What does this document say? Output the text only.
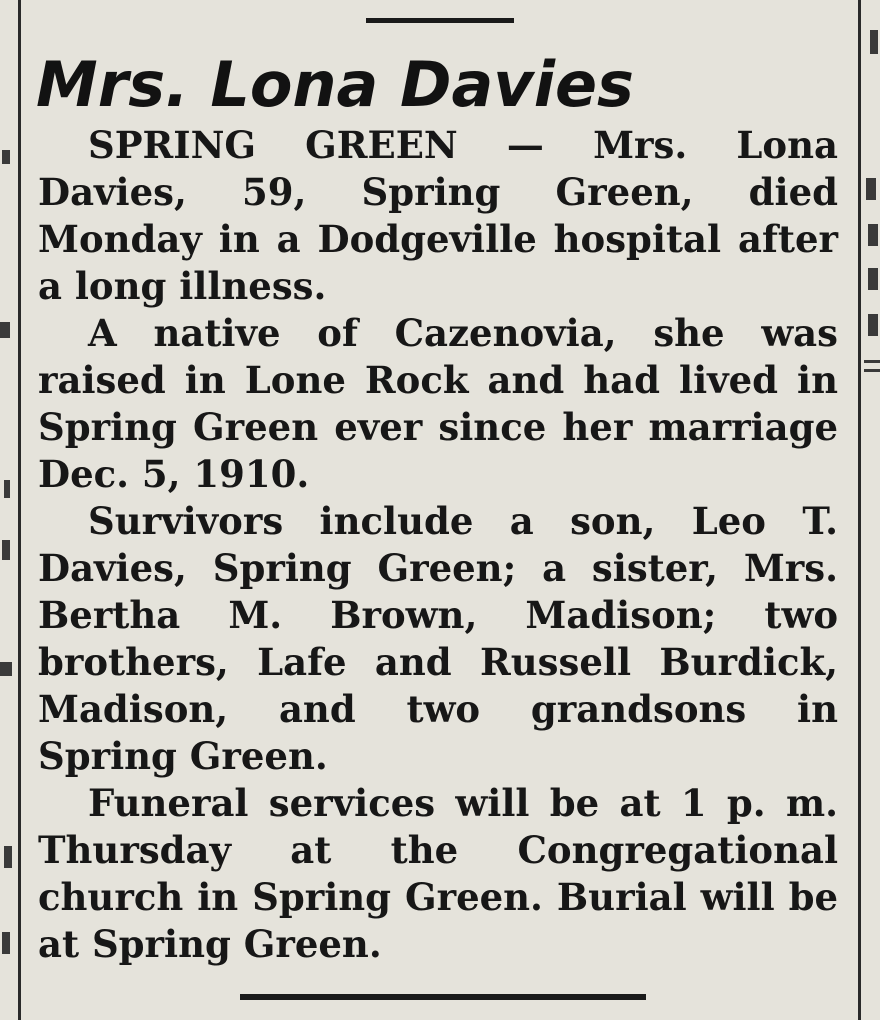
Mrs. Lona Davies

SPRING GREEN — Mrs. Lona Davies, 59, Spring Green, died Monday in a Dodgeville hospital after a long illness.

A native of Cazenovia, she was raised in Lone Rock and had lived in Spring Green ever since her marriage Dec. 5, 1910.

Survivors include a son, Leo T. Davies, Spring Green; a sister, Mrs. Bertha M. Brown, Madison; two brothers, Lafe and Russell Burdick, Madison, and two grandsons in Spring Green.

Funeral services will be at 1 p. m. Thursday at the Congregational church in Spring Green. Burial will be at Spring Green.
